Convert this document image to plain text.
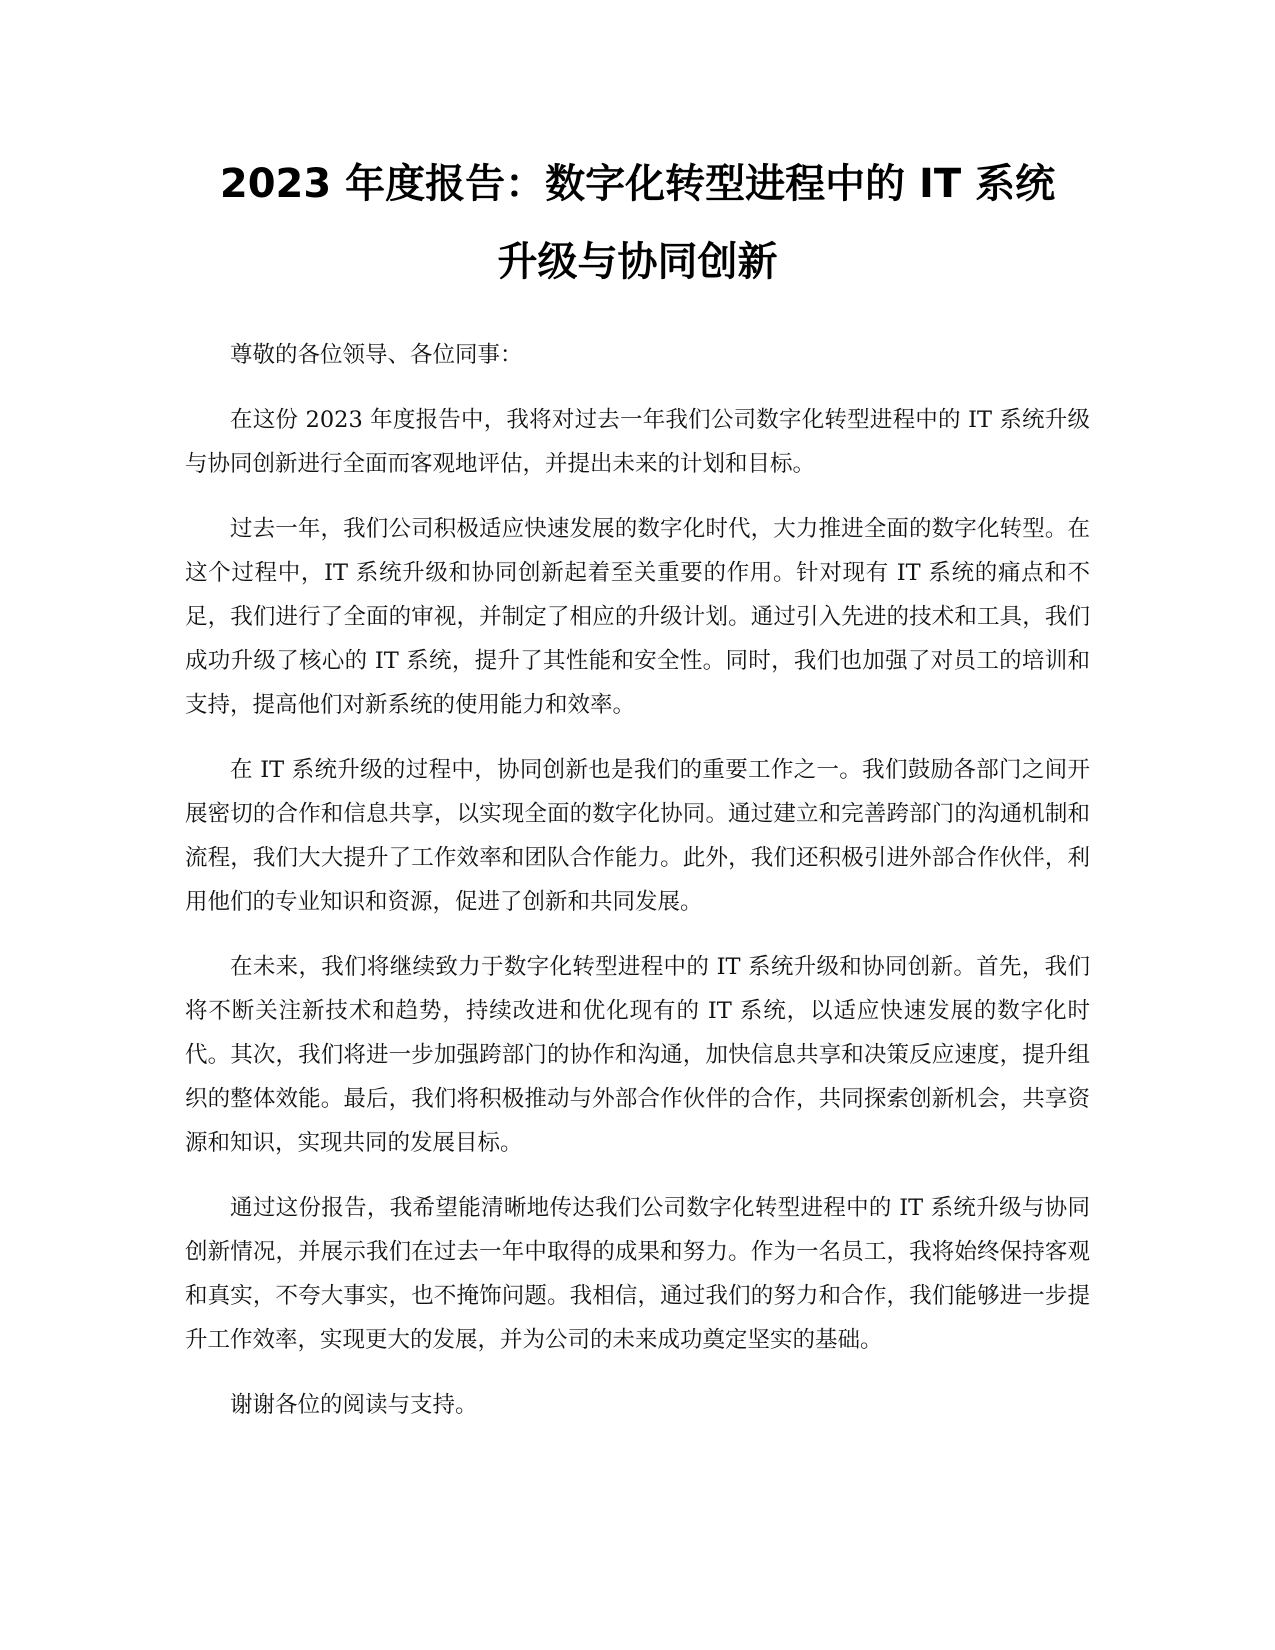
2023 年度报告：数字化转型进程中的 IT 系统
升级与协同创新

尊敬的各位领导、各位同事：

在这份 2023 年度报告中，我将对过去一年我们公司数字化转型进程中的 IT 系统升级与协同创新进行全面而客观地评估，并提出未来的计划和目标。

过去一年，我们公司积极适应快速发展的数字化时代，大力推进全面的数字化转型。在这个过程中，IT 系统升级和协同创新起着至关重要的作用。针对现有 IT 系统的痛点和不足，我们进行了全面的审视，并制定了相应的升级计划。通过引入先进的技术和工具，我们成功升级了核心的 IT 系统，提升了其性能和安全性。同时，我们也加强了对员工的培训和支持，提高他们对新系统的使用能力和效率。

在 IT 系统升级的过程中，协同创新也是我们的重要工作之一。我们鼓励各部门之间开展密切的合作和信息共享，以实现全面的数字化协同。通过建立和完善跨部门的沟通机制和流程，我们大大提升了工作效率和团队合作能力。此外，我们还积极引进外部合作伙伴，利用他们的专业知识和资源，促进了创新和共同发展。

在未来，我们将继续致力于数字化转型进程中的 IT 系统升级和协同创新。首先，我们将不断关注新技术和趋势，持续改进和优化现有的 IT 系统，以适应快速发展的数字化时代。其次，我们将进一步加强跨部门的协作和沟通，加快信息共享和决策反应速度，提升组织的整体效能。最后，我们将积极推动与外部合作伙伴的合作，共同探索创新机会，共享资源和知识，实现共同的发展目标。

通过这份报告，我希望能清晰地传达我们公司数字化转型进程中的 IT 系统升级与协同创新情况，并展示我们在过去一年中取得的成果和努力。作为一名员工，我将始终保持客观和真实，不夸大事实，也不掩饰问题。我相信，通过我们的努力和合作，我们能够进一步提升工作效率，实现更大的发展，并为公司的未来成功奠定坚实的基础。

谢谢各位的阅读与支持。
